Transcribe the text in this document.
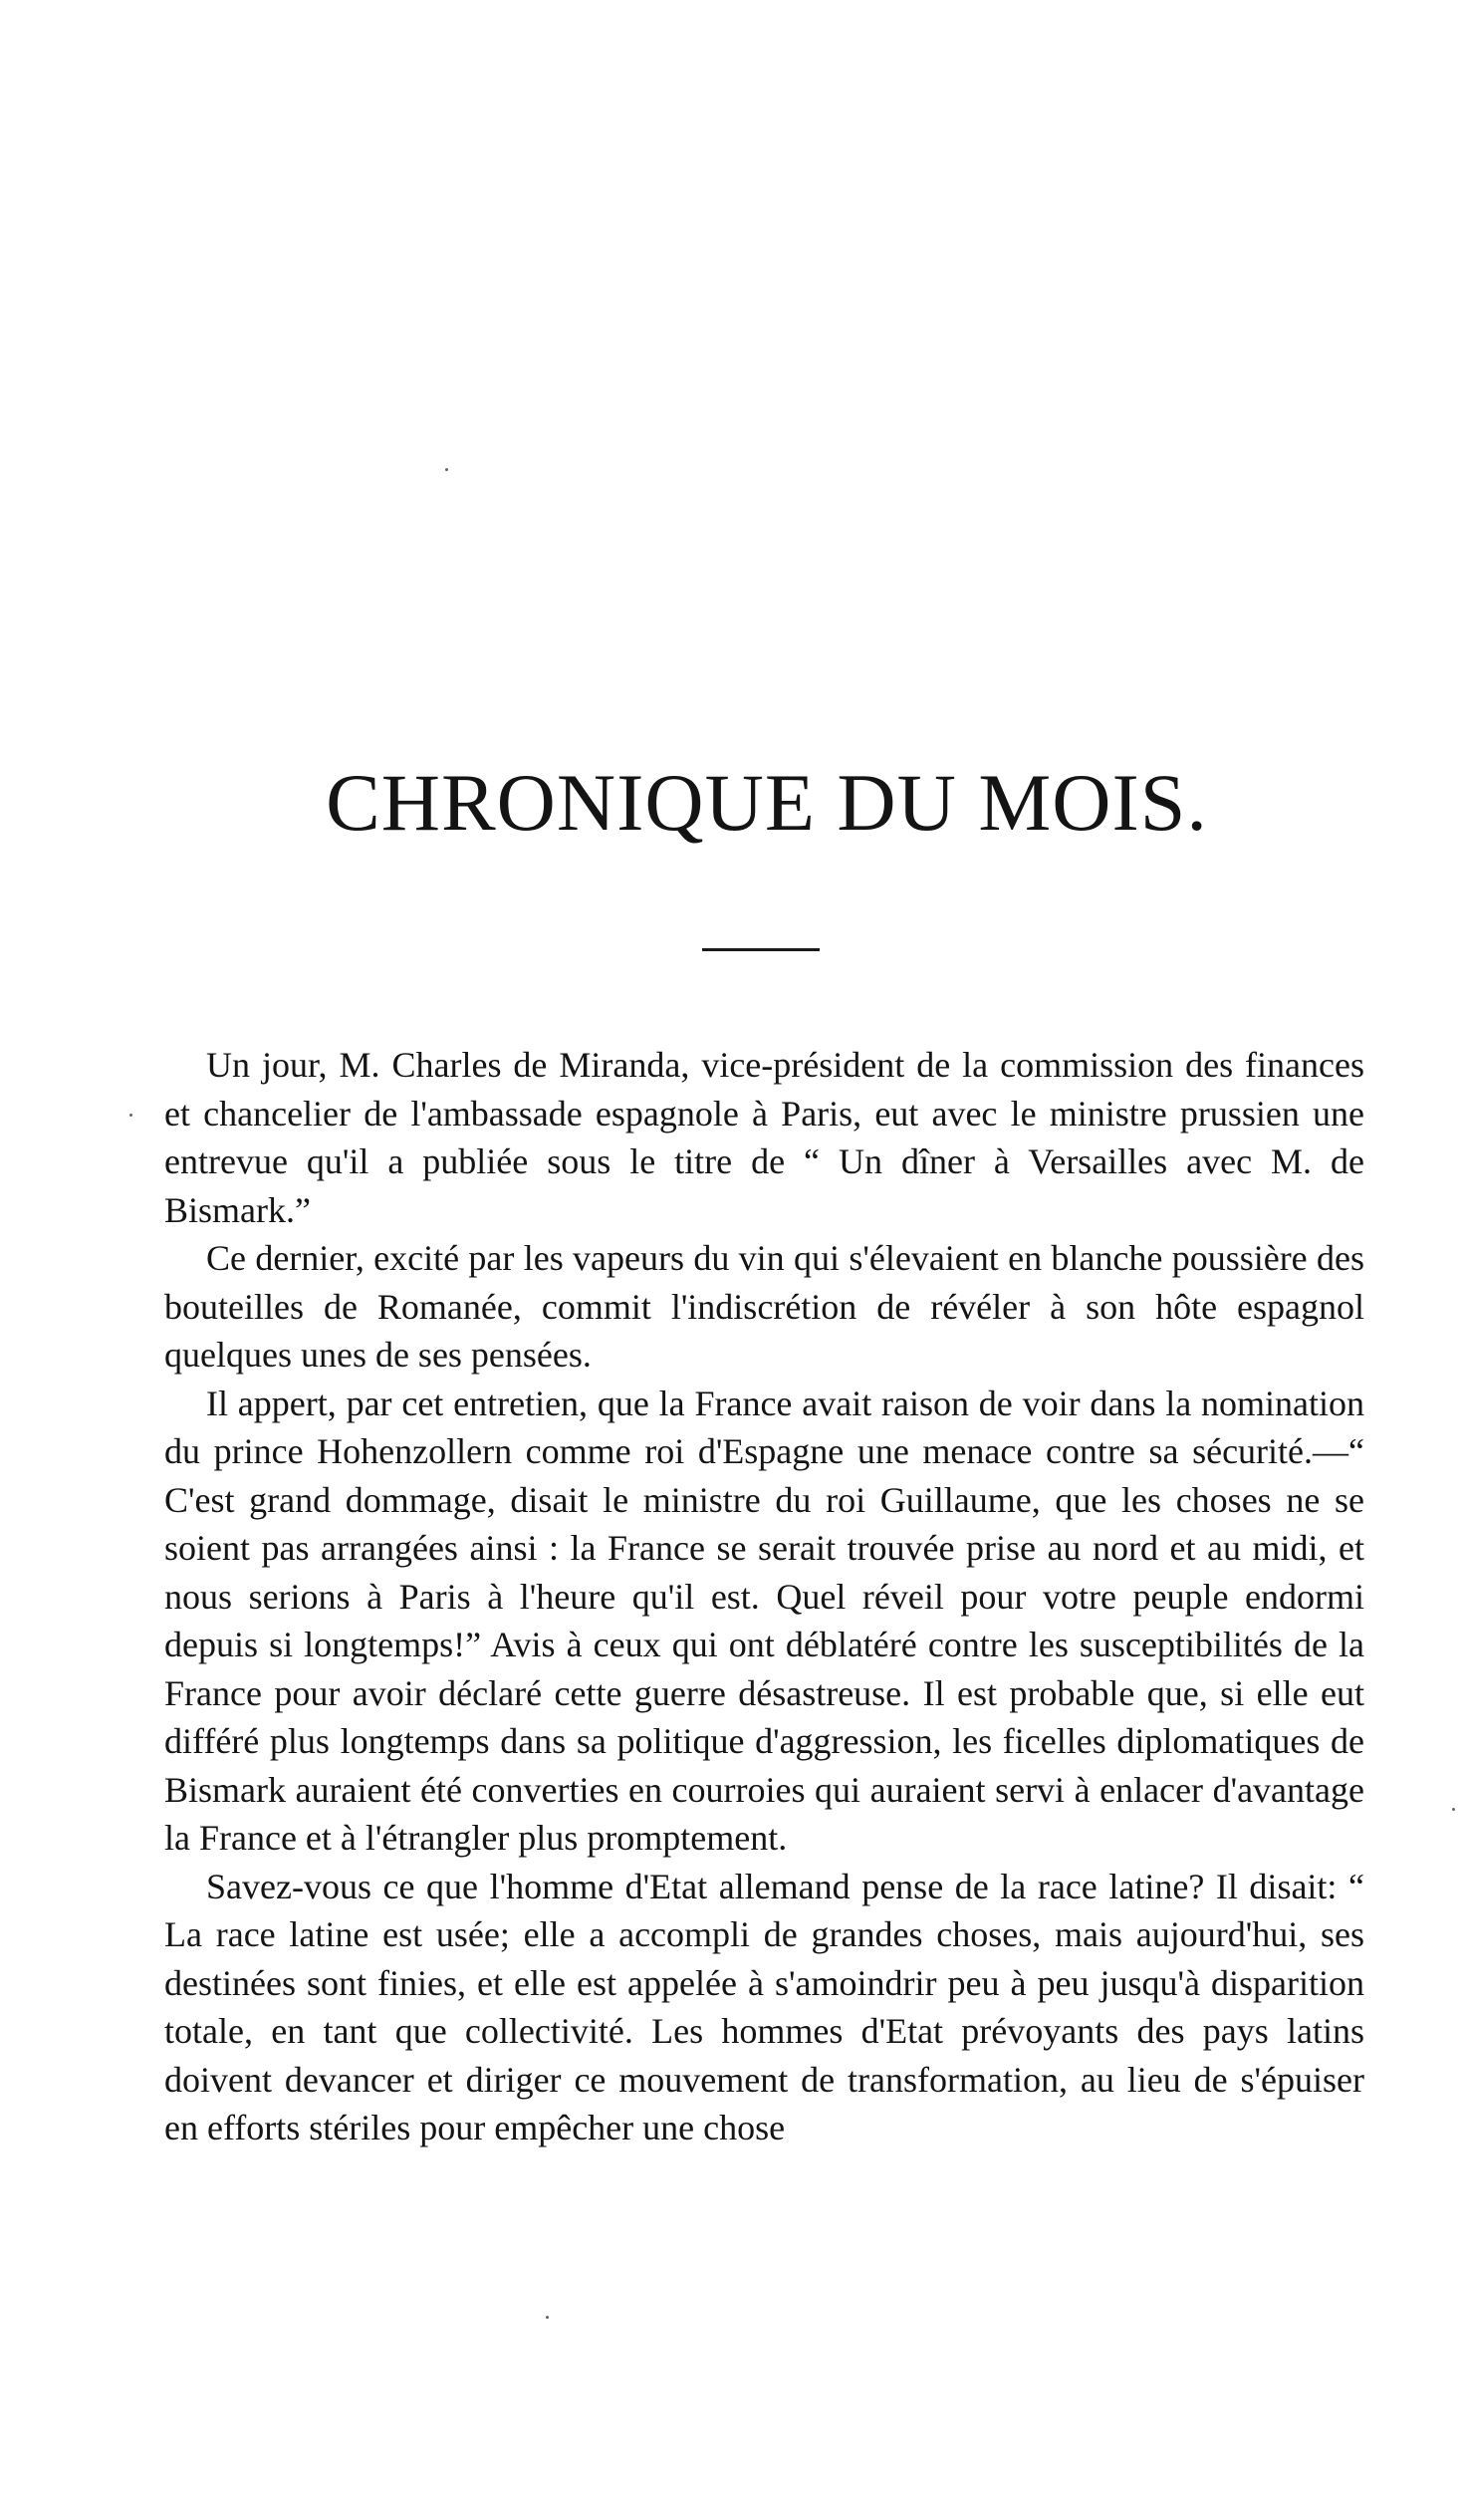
CHRONIQUE DU MOIS.

Un jour, M. Charles de Miranda, vice-président de la commission des finances et chancelier de l'ambassade espagnole à Paris, eut avec le ministre prussien une entrevue qu'il a publiée sous le titre de “ Un dîner à Versailles avec M. de Bismark.”

Ce dernier, excité par les vapeurs du vin qui s'élevaient en blanche poussière des bouteilles de Romanée, commit l'indiscrétion de révéler à son hôte espagnol quelques unes de ses pensées.

Il appert, par cet entretien, que la France avait raison de voir dans la nomination du prince Hohenzollern comme roi d'Espagne une menace contre sa sécurité.—“ C'est grand dommage, disait le ministre du roi Guillaume, que les choses ne se soient pas arrangées ainsi : la France se serait trouvée prise au nord et au midi, et nous serions à Paris à l'heure qu'il est. Quel réveil pour votre peuple endormi depuis si longtemps!” Avis à ceux qui ont déblatéré contre les susceptibilités de la France pour avoir déclaré cette guerre désastreuse. Il est probable que, si elle eut différé plus longtemps dans sa politique d'aggression, les ficelles diplomatiques de Bismark auraient été converties en courroies qui auraient servi à enlacer d'avantage la France et à l'étrangler plus promptement.

Savez-vous ce que l'homme d'Etat allemand pense de la race latine? Il disait: “ La race latine est usée; elle a accompli de grandes choses, mais aujourd'hui, ses destinées sont finies, et elle est appelée à s'amoindrir peu à peu jusqu'à disparition totale, en tant que collectivité. Les hommes d'Etat prévoyants des pays latins doivent devancer et diriger ce mouvement de transformation, au lieu de s'épuiser en efforts stériles pour empêcher une chose
